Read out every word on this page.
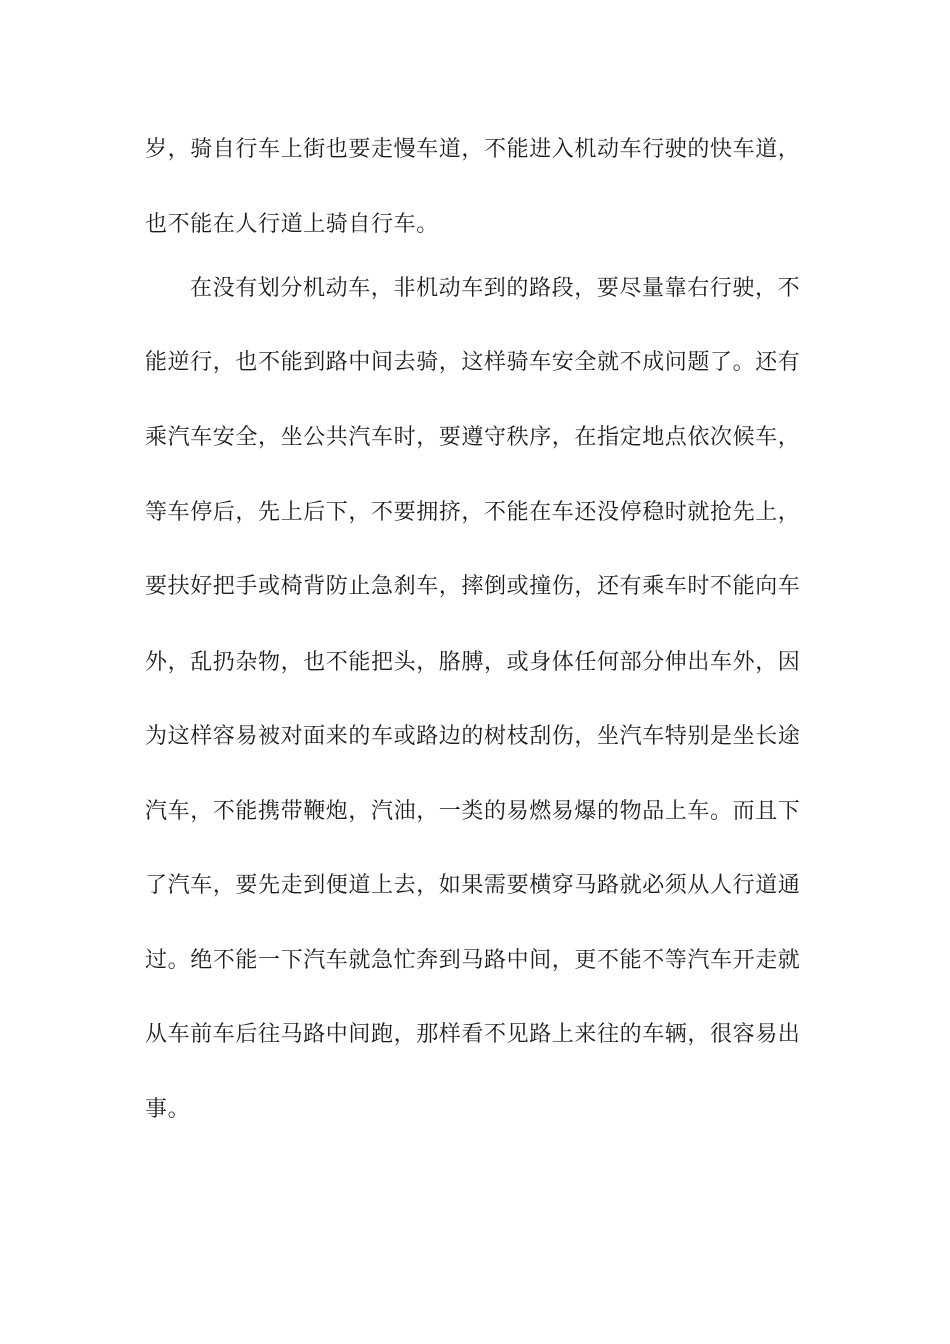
岁，骑自行车上街也要走慢车道，不能进入机动车行驶的快车道，
也不能在人行道上骑自行车。
在没有划分机动车，非机动车到的路段，要尽量靠右行驶，不
能逆行，也不能到路中间去骑，这样骑车安全就不成问题了。还有
乘汽车安全，坐公共汽车时，要遵守秩序，在指定地点依次候车，
等车停后，先上后下，不要拥挤，不能在车还没停稳时就抢先上，
要扶好把手或椅背防止急刹车，摔倒或撞伤，还有乘车时不能向车
外，乱扔杂物，也不能把头，胳膊，或身体任何部分伸出车外，因
为这样容易被对面来的车或路边的树枝刮伤，坐汽车特别是坐长途
汽车，不能携带鞭炮，汽油，一类的易燃易爆的物品上车。而且下
了汽车，要先走到便道上去，如果需要横穿马路就必须从人行道通
过。绝不能一下汽车就急忙奔到马路中间，更不能不等汽车开走就
从车前车后往马路中间跑，那样看不见路上来往的车辆，很容易出
事。
